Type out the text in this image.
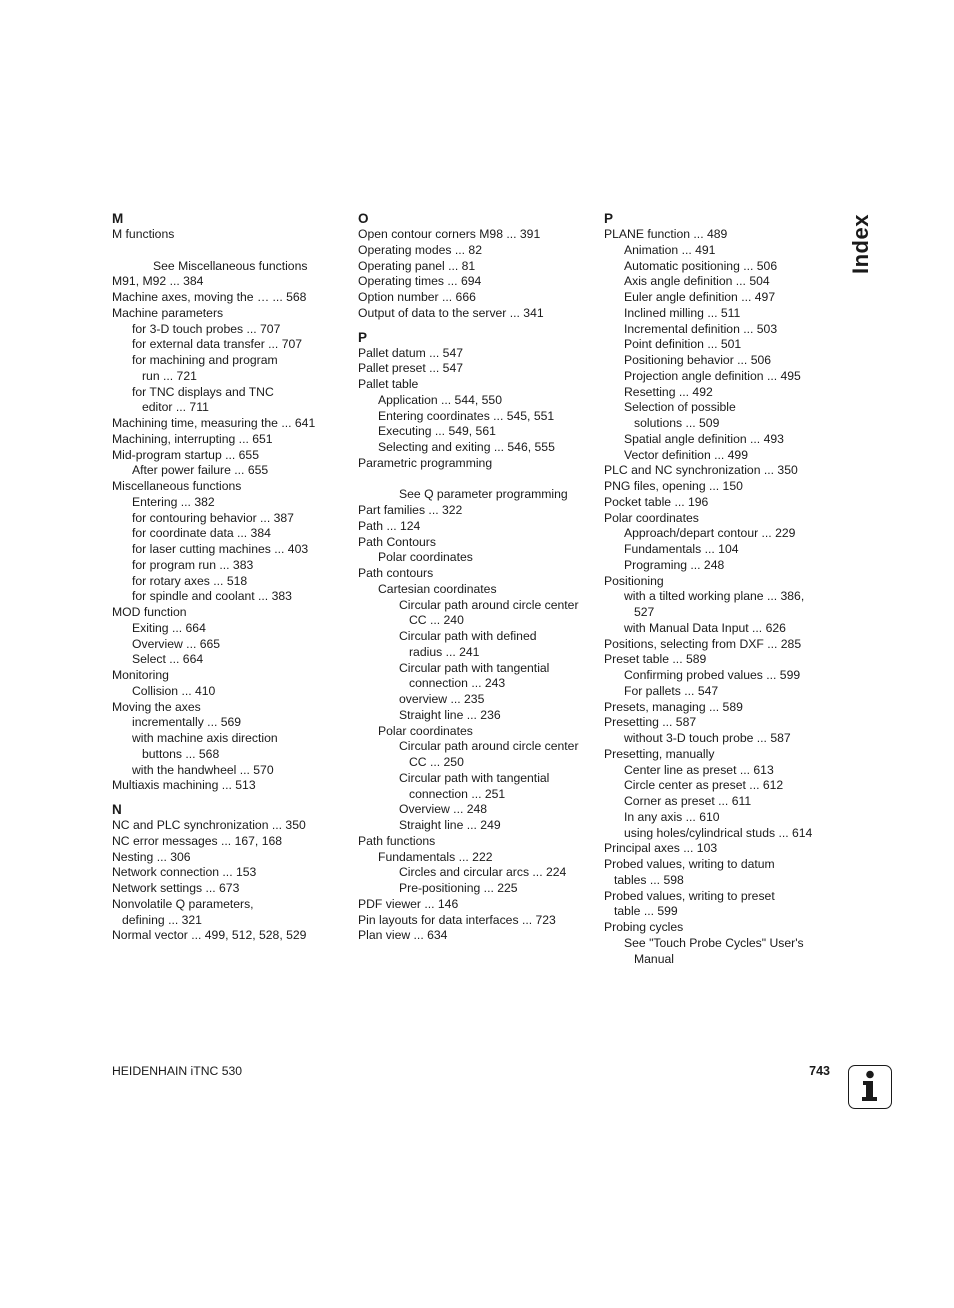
M
M functions
See Miscellaneous functions
M91, M92 ... 384
Machine axes, moving the … ... 568
Machine parameters
for 3-D touch probes ... 707
for external data transfer ... 707
for machining and program
run ... 721
for TNC displays and TNC
editor ... 711
Machining time, measuring the ... 641
Machining, interrupting ... 651
Mid-program startup ... 655
After power failure ... 655
Miscellaneous functions
Entering ... 382
for contouring behavior ... 387
for coordinate data ... 384
for laser cutting machines ... 403
for program run ... 383
for rotary axes ... 518
for spindle and coolant ... 383
MOD function
Exiting ... 664
Overview ... 665
Select ... 664
Monitoring
Collision ... 410
Moving the axes
incrementally ... 569
with machine axis direction
buttons ... 568
with the handwheel ... 570
Multiaxis machining ... 513
N
NC and PLC synchronization ... 350
NC error messages ... 167, 168
Nesting ... 306
Network connection ... 153
Network settings ... 673
Nonvolatile Q parameters,
defining ... 321
Normal vector ... 499, 512, 528, 529
O
Open contour corners M98 ... 391
Operating modes ... 82
Operating panel ... 81
Operating times ... 694
Option number ... 666
Output of data to the server ... 341
P
Pallet datum ... 547
Pallet preset ... 547
Pallet table
Application ... 544, 550
Entering coordinates ... 545, 551
Executing ... 549, 561
Selecting and exiting ... 546, 555
Parametric programming
See Q parameter programming
Part families ... 322
Path ... 124
Path Contours
Polar coordinates
Path contours
Cartesian coordinates
Circular path around circle center
CC ... 240
Circular path with defined
radius ... 241
Circular path with tangential
connection ... 243
overview ... 235
Straight line ... 236
Polar coordinates
Circular path around circle center
CC ... 250
Circular path with tangential
connection ... 251
Overview ... 248
Straight line ... 249
Path functions
Fundamentals ... 222
Circles and circular arcs ... 224
Pre-positioning ... 225
PDF viewer ... 146
Pin layouts for data interfaces ... 723
Plan view ... 634
P
PLANE function ... 489
Animation ... 491
Automatic positioning ... 506
Axis angle definition ... 504
Euler angle definition ... 497
Inclined milling ... 511
Incremental definition ... 503
Point definition ... 501
Positioning behavior ... 506
Projection angle definition ... 495
Resetting ... 492
Selection of possible
solutions ... 509
Spatial angle definition ... 493
Vector definition ... 499
PLC and NC synchronization ... 350
PNG files, opening ... 150
Pocket table ... 196
Polar coordinates
Approach/depart contour ... 229
Fundamentals ... 104
Programing ... 248
Positioning
with a tilted working plane ... 386,
527
with Manual Data Input ... 626
Positions, selecting from DXF ... 285
Preset table ... 589
Confirming probed values ... 599
For pallets ... 547
Presets, managing ... 589
Presetting ... 587
without 3-D touch probe ... 587
Presetting, manually
Center line as preset ... 613
Circle center as preset ... 612
Corner as preset ... 611
In any axis ... 610
using holes/cylindrical studs ... 614
Principal axes ... 103
Probed values, writing to datum
tables ... 598
Probed values, writing to preset
table ... 599
Probing cycles
See "Touch Probe Cycles" User's
Manual
Index
HEIDENHAIN iTNC 530	743
